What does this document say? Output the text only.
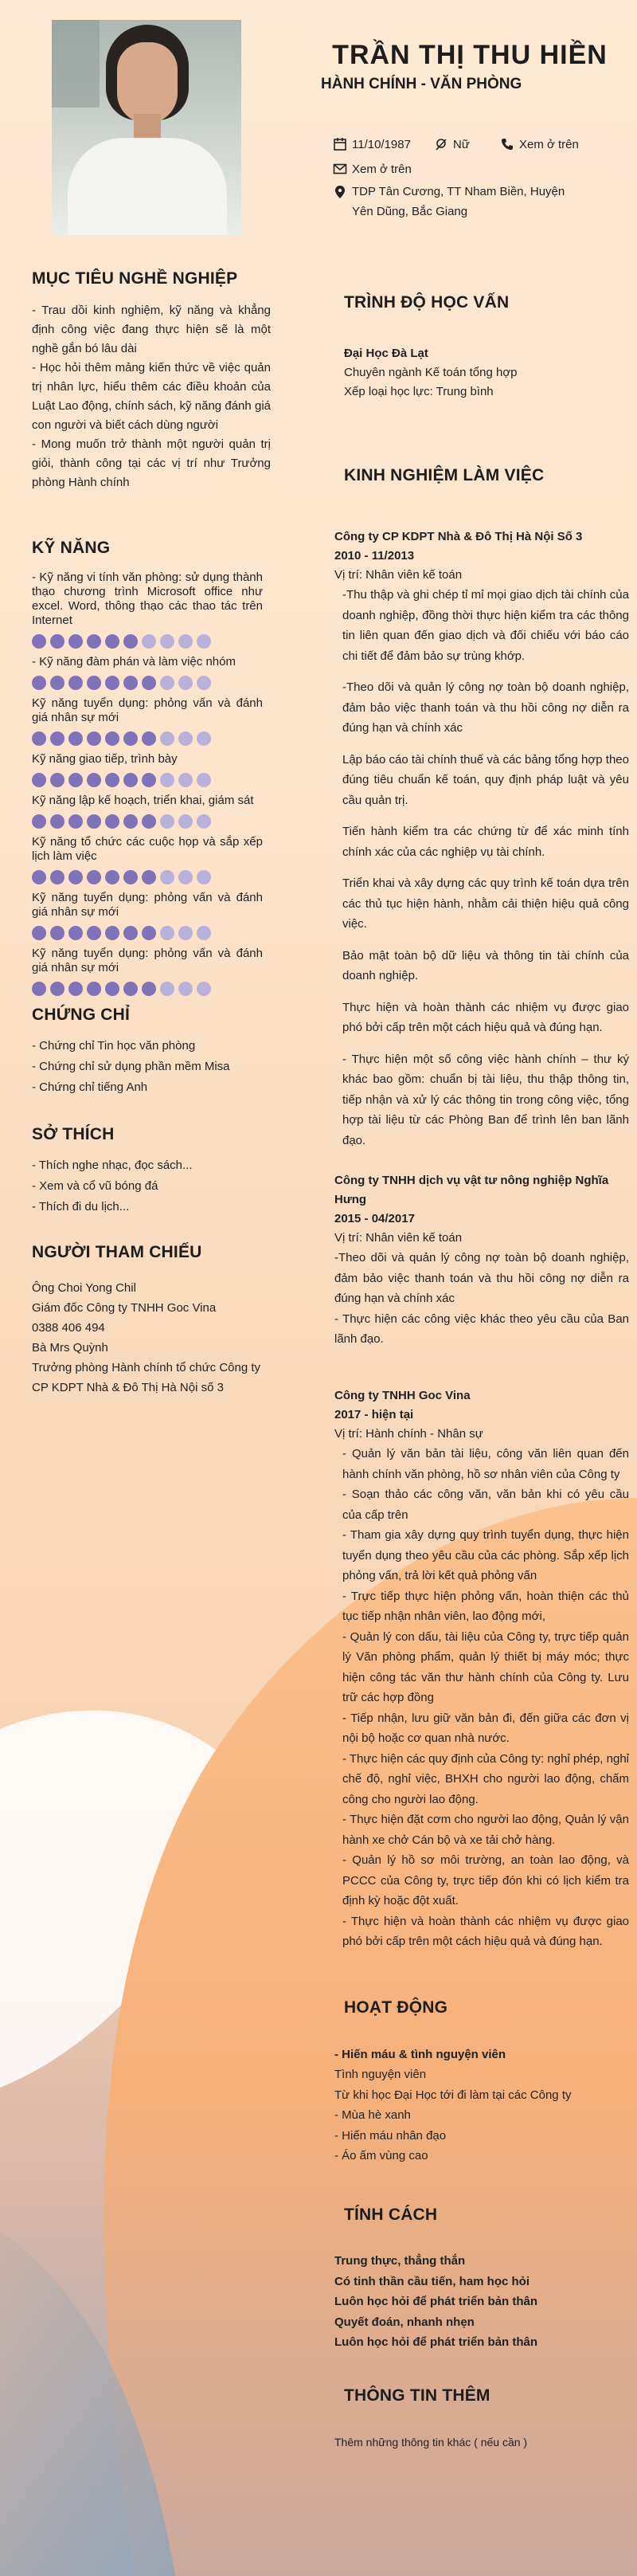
TRẦN THỊ THU HIỀN
HÀNH CHÍNH - VĂN PHÒNG
11/10/1987	Nữ	Xem ở trên
Xem ở trên
TDP Tân Cương, TT Nham Biền, Huyện
Yên Dũng, Bắc Giang
MỤC TIÊU NGHỀ NGHIỆP
- Trau dồi kinh nghiệm, kỹ năng và khẳng định công việc đang thực hiện sẽ là một nghề gắn bó lâu dài
- Học hỏi thêm mảng kiến thức về việc quản trị nhân lực, hiểu thêm các điều khoản của Luật Lao động, chính sách, kỹ năng đánh giá con người và biết cách dùng người
- Mong muốn trở thành một người quản trị giỏi, thành công tại các vị trí như Trưởng phòng Hành chính
KỸ NĂNG
- Kỹ năng vi tính văn phòng: sử dụng thành thạo chương trình Microsoft office như excel. Word, thông thạo các thao tác trên Internet
- Kỹ năng đàm phán và làm việc nhóm
Kỹ năng tuyển dụng: phỏng vấn và đánh giá nhân sự mới
Kỹ năng giao tiếp, trình bày
Kỹ năng lập kế hoạch, triển khai, giám sát
Kỹ năng tổ chức các cuộc họp và sắp xếp lịch làm việc
Kỹ năng tuyển dụng: phỏng vấn và đánh giá nhân sự mới
Kỹ năng tuyển dụng: phỏng vấn và đánh giá nhân sự mới
CHỨNG CHỈ
- Chứng chỉ Tin học văn phòng
- Chứng chỉ sử dụng phần mềm Misa
- Chứng chỉ tiếng Anh
SỞ THÍCH
- Thích nghe nhạc, đọc sách...
- Xem và cổ vũ bóng đá
- Thích đi du lịch...
NGƯỜI THAM CHIẾU
Ông Choi Yong Chil
Giám đốc Công ty TNHH Goc Vina
0388 406 494
Bà Mrs Quỳnh
Trưởng phòng Hành chính tổ chức Công ty CP KDPT Nhà & Đô Thị Hà Nội số 3
TRÌNH ĐỘ HỌC VẤN
Đại Học Đà Lạt
Chuyên ngành Kế toán tổng hợp
Xếp loại học lực: Trung bình
KINH NGHIỆM LÀM VIỆC
Công ty CP KDPT Nhà & Đô Thị Hà Nội Số 3
2010 - 11/2013
Vị trí: Nhân viên kế toán
-Thu thập và ghi chép tỉ mỉ mọi giao dịch tài chính của doanh nghiệp, đồng thời thực hiện kiểm tra các thông tin liên quan đến giao dịch và đối chiếu với báo cáo chi tiết để đảm bảo sự trùng khớp.
-Theo dõi và quản lý công nợ toàn bộ doanh nghiệp, đảm bảo việc thanh toán và thu hồi công nợ diễn ra đúng hạn và chính xác
Lập báo cáo tài chính thuế và các bảng tổng hợp theo đúng tiêu chuẩn kế toán, quy định pháp luật và yêu cầu quản trị.
Tiến hành kiểm tra các chứng từ để xác minh tính chính xác của các nghiệp vụ tài chính.
Triển khai và xây dựng các quy trình kế toán dựa trên các thủ tục hiện hành, nhằm cải thiện hiệu quả công việc.
Bảo mật toàn bộ dữ liệu và thông tin tài chính của doanh nghiệp.
Thực hiện và hoàn thành các nhiệm vụ được giao phó bởi cấp trên một cách hiệu quả và đúng hạn.
- Thực hiện một số công việc hành chính – thư ký khác bao gồm: chuẩn bị tài liệu, thu thập thông tin, tiếp nhận và xử lý các thông tin trong công việc, tổng hợp tài liệu từ các Phòng Ban để trình lên ban lãnh đạo.
Công ty TNHH dịch vụ vật tư nông nghiệp Nghĩa Hưng
2015 - 04/2017
Vị trí: Nhân viên kế toán
-Theo dõi và quản lý công nợ toàn bộ doanh nghiệp, đảm bảo việc thanh toán và thu hồi công nợ diễn ra đúng hạn và chính xác
- Thực hiện các công việc khác theo yêu cầu của Ban lãnh đạo.
Công ty TNHH Goc Vina
2017 - hiện tại
Vị trí: Hành chính - Nhân sự
- Quản lý văn bản tài liệu, công văn liên quan đến hành chính văn phòng, hồ sơ nhân viên của Công ty
- Soạn thảo các công văn, văn bản khi có yêu cầu của cấp trên
- Tham gia xây dựng quy trình tuyển dụng, thực hiện tuyển dụng theo yêu cầu của các phòng. Sắp xếp lịch phỏng vấn, trả lời kết quả phỏng vấn
- Trực tiếp thực hiện phỏng vấn, hoàn thiện các thủ tục tiếp nhận nhân viên, lao động mới,
- Quản lý con dấu, tài liệu của Công ty, trực tiếp quản lý Văn phòng phẩm, quản lý thiết bị máy móc; thực hiện công tác văn thư hành chính của Công ty. Lưu trữ các hợp đồng
- Tiếp nhận, lưu giữ văn bản đi, đến giữa các đơn vị nội bộ hoặc cơ quan nhà nước.
- Thực hiện các quy định của Công ty: nghỉ phép, nghỉ chế độ, nghỉ việc, BHXH cho người lao động, chấm công cho người lao động.
- Thực hiện đặt cơm cho người lao động, Quản lý vận hành xe chở Cán bộ và xe tải chở hàng.
- Quản lý hồ sơ môi trường, an toàn lao động, và PCCC của Công ty, trực tiếp đón khi có lịch kiểm tra định kỳ hoặc đột xuất.
- Thực hiện và hoàn thành các nhiệm vụ được giao phó bởi cấp trên một cách hiệu quả và đúng hạn.
HOẠT ĐỘNG
- Hiến máu & tình nguyện viên
Tình nguyện viên
Từ khi học Đại Học tới đi làm tại các Công ty
- Mùa hè xanh
- Hiến máu nhân đạo
- Áo ấm vùng cao
TÍNH CÁCH
Trung thực, thẳng thắn
Có tinh thần cầu tiến, ham học hỏi
Luôn học hỏi để phát triển bản thân
Quyết đoán, nhanh nhẹn
Luôn học hỏi để phát triển bản thân
THÔNG TIN THÊM
Thêm những thông tin khác ( nếu cần )
